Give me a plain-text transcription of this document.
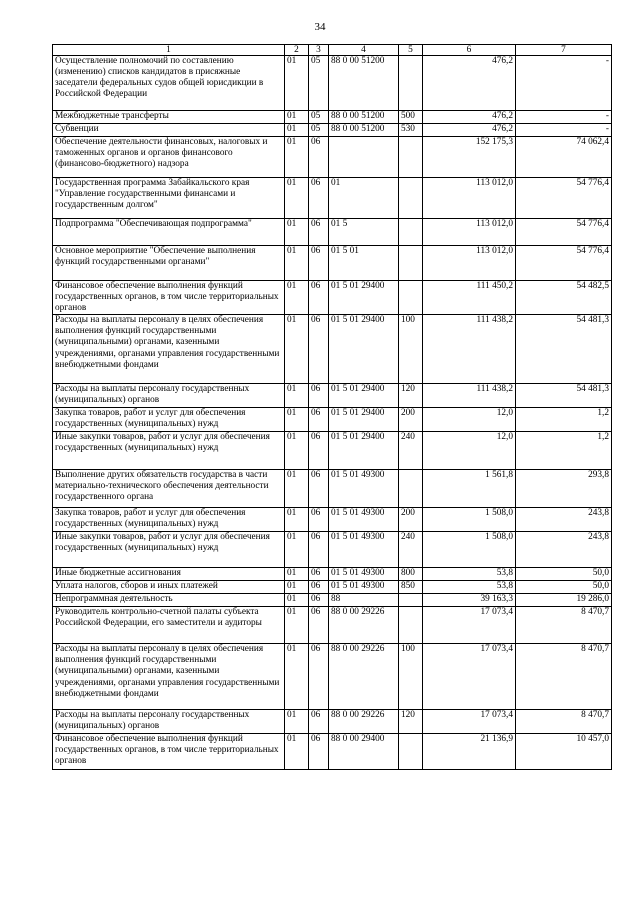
34
1	2	3	4	5	6	7
Осуществление полномочий по составлению (изменению) списков кандидатов в присяжные заседатели федеральных судов общей юрисдикции в Российской Федерации	01	05	88 0 00 51200		476,2	-
Межбюджетные трансферты	01	05	88 0 00 51200	500	476,2	-
Субвенции	01	05	88 0 00 51200	530	476,2	-
Обеспечение деятельности финансовых, налоговых и таможенных органов и органов финансового (финансово-бюджетного) надзора	01	06			152 175,3	74 062,4
Государственная программа Забайкальского края "Управление государственными финансами и государственным долгом"	01	06	01		113 012,0	54 776,4
Подпрограмма "Обеспечивающая подпрограмма"	01	06	01 5		113 012,0	54 776,4
Основное мероприятие "Обеспечение выполнения функций государственными органами"	01	06	01 5 01		113 012,0	54 776,4
Финансовое обеспечение выполнения функций государственных органов, в том числе территориальных органов	01	06	01 5 01 29400		111 450,2	54 482,5
Расходы на выплаты персоналу в целях обеспечения выполнения функций государственными (муниципальными) органами, казенными учреждениями, органами управления государственными внебюджетными фондами	01	06	01 5 01 29400	100	111 438,2	54 481,3
Расходы на выплаты персоналу государственных (муниципальных) органов	01	06	01 5 01 29400	120	111 438,2	54 481,3
Закупка товаров, работ и услуг для обеспечения государственных (муниципальных) нужд	01	06	01 5 01 29400	200	12,0	1,2
Иные закупки товаров, работ и услуг для обеспечения государственных (муниципальных) нужд	01	06	01 5 01 29400	240	12,0	1,2
Выполнение других обязательств государства в части материально-технического обеспечения деятельности государственного органа	01	06	01 5 01 49300		1 561,8	293,8
Закупка товаров, работ и услуг для обеспечения государственных (муниципальных) нужд	01	06	01 5 01 49300	200	1 508,0	243,8
Иные закупки товаров, работ и услуг для обеспечения государственных (муниципальных) нужд	01	06	01 5 01 49300	240	1 508,0	243,8
Иные бюджетные ассигнования	01	06	01 5 01 49300	800	53,8	50,0
Уплата налогов, сборов и иных платежей	01	06	01 5 01 49300	850	53,8	50,0
Непрограммная деятельность	01	06	88		39 163,3	19 286,0
Руководитель контрольно-счетной палаты субъекта Российской Федерации, его заместители и аудиторы	01	06	88 0 00 29226		17 073,4	8 470,7
Расходы на выплаты персоналу в целях обеспечения выполнения функций государственными (муниципальными) органами, казенными учреждениями, органами управления государственными внебюджетными фондами	01	06	88 0 00 29226	100	17 073,4	8 470,7
Расходы на выплаты персоналу государственных (муниципальных) органов	01	06	88 0 00 29226	120	17 073,4	8 470,7
Финансовое обеспечение выполнения функций государственных органов, в том числе территориальных органов	01	06	88 0 00 29400		21 136,9	10 457,0
